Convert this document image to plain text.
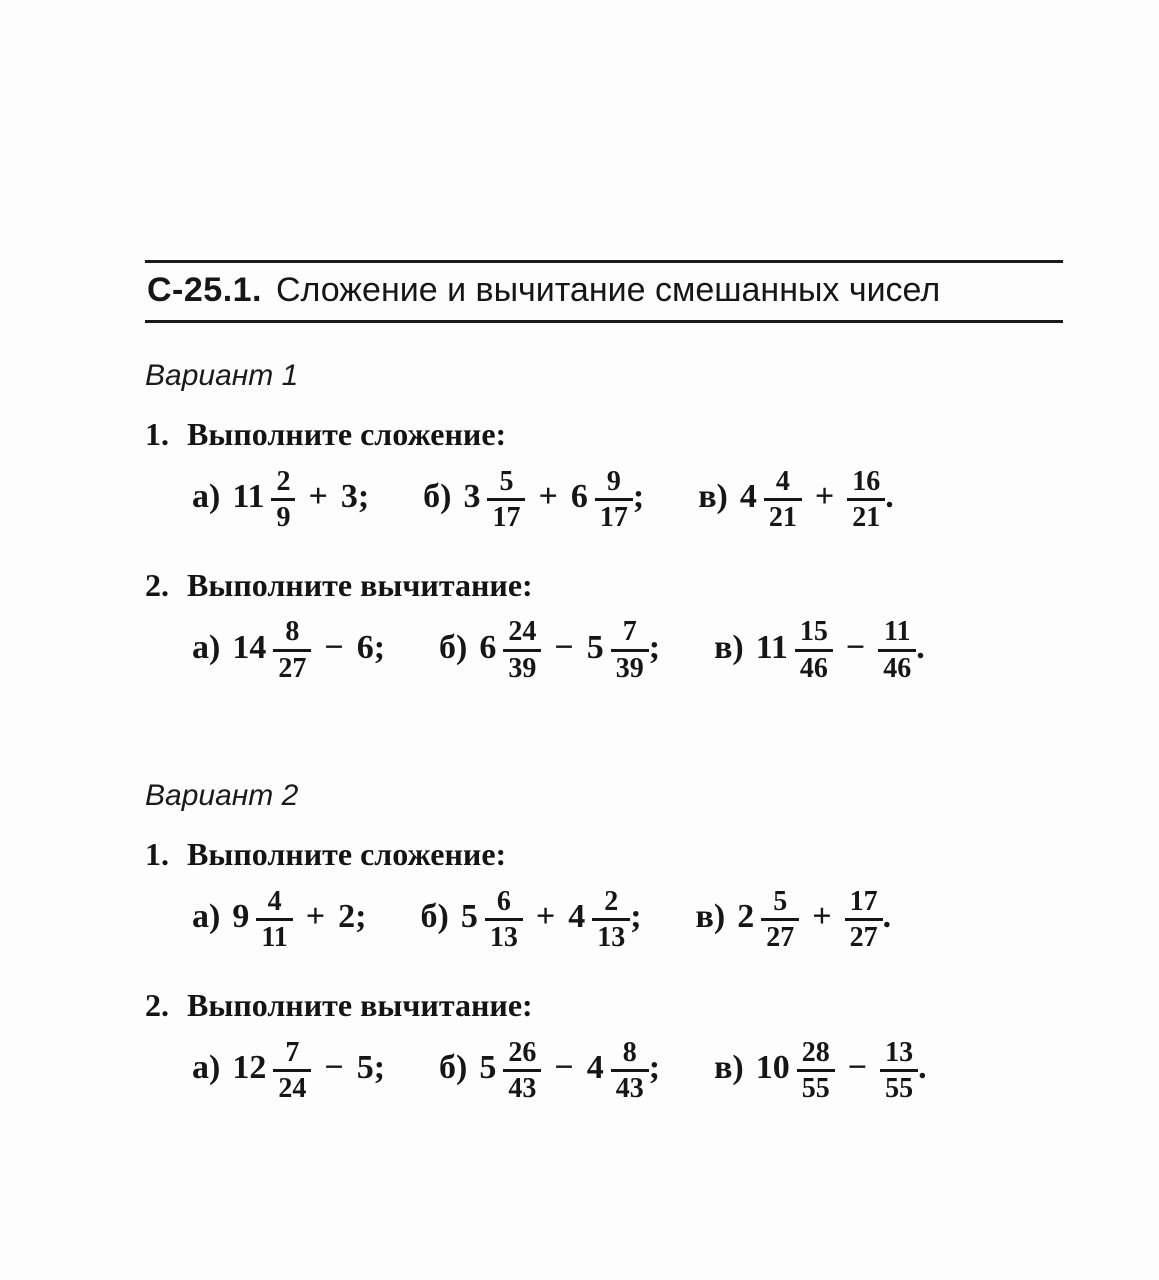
С-25.1. Сложение и вычитание смешанных чисел
Вариант 1
1. Выполните сложение:
а) $11 \frac{2}{9} + 3$; б) $3 \frac{5}{17} + 6 \frac{9}{17}$ ; в) $4 \frac{4}{21} + \frac{16}{21}$ .
2. Выполните вычитание:
а) $14 \frac{8}{27} - 6$; б) $6 \frac{24}{39} - 5 \frac{7}{39}$ ; в) $11 \frac{15}{46} - \frac{11}{46}$ .
Вариант 2
1. Выполните сложение:
а) $9 \frac{4}{11} + 2$; б) $5 \frac{6}{13} + 4 \frac{2}{13}$ ; в) $2 \frac{5}{27} + \frac{17}{27}$ .
2. Выполните вычитание:
а) $12 \frac{7}{24} - 5$; б) $5 \frac{26}{43} - 4 \frac{8}{43}$ ; в) $10 \frac{28}{55} - \frac{13}{55}$ .
